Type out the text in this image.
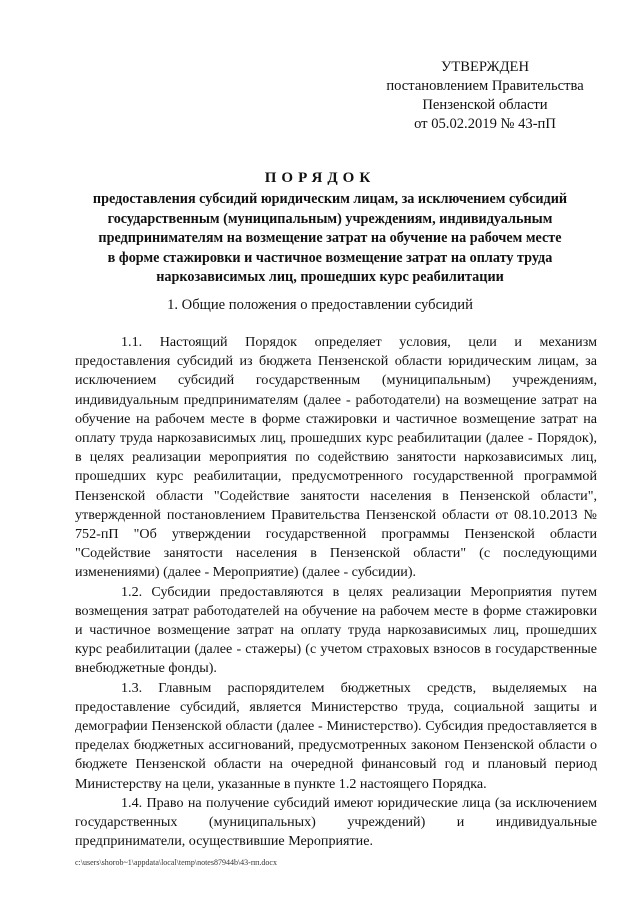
УТВЕРЖДЕН
постановлением Правительства
Пензенской области
от 05.02.2019 № 43-пП
ПОРЯДОК
предоставления субсидий юридическим лицам, за исключением субсидий
государственным (муниципальным) учреждениям, индивидуальным
предпринимателям на возмещение затрат на обучение на рабочем месте
в форме стажировки и частичное возмещение затрат на оплату труда
наркозависимых лиц, прошедших курс реабилитации
1. Общие положения о предоставлении субсидий

1.1. Настоящий Порядок определяет условия, цели и механизм предоставления субсидий из бюджета Пензенской области юридическим лицам, за исключением субсидий государственным (муниципальным) учреждениям, индивидуальным предпринимателям (далее - работодатели) на возмещение затрат на обучение на рабочем месте в форме стажировки и частичное возмещение затрат на оплату труда наркозависимых лиц, прошедших курс реабилитации (далее - Порядок), в целях реализации мероприятия по содействию занятости наркозависимых лиц, прошедших курс реабилитации, предусмотренного государственной программой Пензенской области "Содействие занятости населения в Пензенской области", утвержденной постановлением Правительства Пензенской области от 08.10.2013 № 752-пП "Об утверждении государственной программы Пензенской области "Содействие занятости населения в Пензенской области" (с последующими изменениями) (далее - Мероприятие) (далее - субсидии).

1.2. Субсидии предоставляются в целях реализации Мероприятия путем возмещения затрат работодателей на обучение на рабочем месте в форме стажировки и частичное возмещение затрат на оплату труда наркозависимых лиц, прошедших курс реабилитации (далее - стажеры) (с учетом страховых взносов в государственные внебюджетные фонды).

1.3. Главным распорядителем бюджетных средств, выделяемых на предоставление субсидий, является Министерство труда, социальной защиты и демографии Пензенской области (далее - Министерство). Субсидия предоставляется в пределах бюджетных ассигнований, предусмотренных законом Пензенской области о бюджете Пензенской области на очередной финансовый год и плановый период Министерству на цели, указанные в пункте 1.2 настоящего Порядка.

1.4. Право на получение субсидий имеют юридические лица (за исключением государственных (муниципальных) учреждений) и индивидуальные предприниматели, осуществившие Мероприятие.

c:\users\shorob~1\appdata\local\temp\notes87944b\43-пп.docx
